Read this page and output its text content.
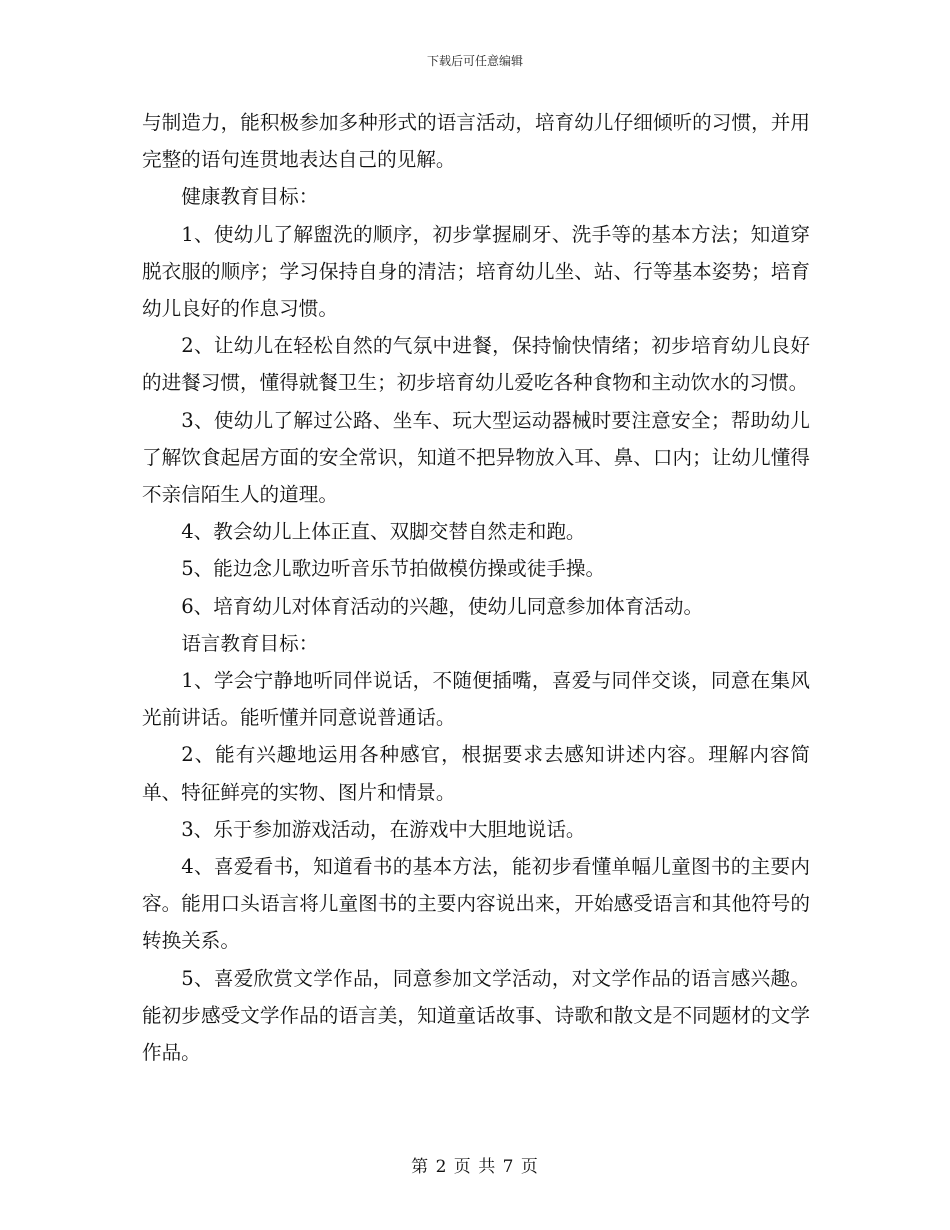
下载后可任意编辑

与制造力，能积极参加多种形式的语言活动，培育幼儿仔细倾听的习惯，并用完整的语句连贯地表达自己的见解。

健康教育目标：

1、使幼儿了解盥洗的顺序，初步掌握刷牙、洗手等的基本方法；知道穿脱衣服的顺序；学习保持自身的清洁；培育幼儿坐、站、行等基本姿势；培育幼儿良好的作息习惯。

2、让幼儿在轻松自然的气氛中进餐，保持愉快情绪；初步培育幼儿良好的进餐习惯，懂得就餐卫生；初步培育幼儿爱吃各种食物和主动饮水的习惯。

3、使幼儿了解过公路、坐车、玩大型运动器械时要注意安全；帮助幼儿了解饮食起居方面的安全常识，知道不把异物放入耳、鼻、口内；让幼儿懂得不亲信陌生人的道理。

4、教会幼儿上体正直、双脚交替自然走和跑。

5、能边念儿歌边听音乐节拍做模仿操或徒手操。

6、培育幼儿对体育活动的兴趣，使幼儿同意参加体育活动。

语言教育目标：

1、学会宁静地听同伴说话，不随便插嘴，喜爱与同伴交谈，同意在集风光前讲话。能听懂并同意说普通话。

2、能有兴趣地运用各种感官，根据要求去感知讲述内容。理解内容简单、特征鲜亮的实物、图片和情景。

3、乐于参加游戏活动，在游戏中大胆地说话。

4、喜爱看书，知道看书的基本方法，能初步看懂单幅儿童图书的主要内容。能用口头语言将儿童图书的主要内容说出来，开始感受语言和其他符号的转换关系。

5、喜爱欣赏文学作品，同意参加文学活动，对文学作品的语言感兴趣。能初步感受文学作品的语言美，知道童话故事、诗歌和散文是不同题材的文学作品。

第 2 页 共 7 页
